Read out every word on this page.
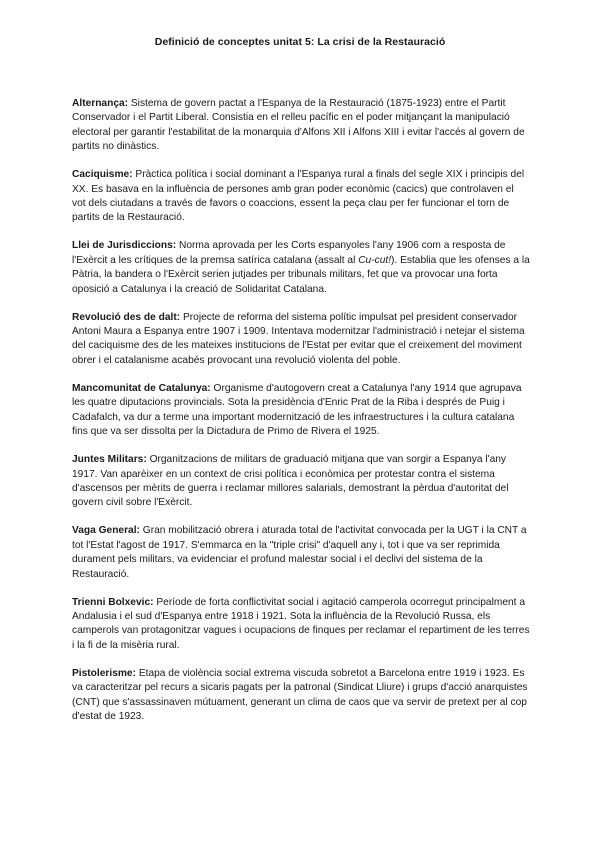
Definició de conceptes unitat 5: La crisi de la Restauració

Alternança: Sistema de govern pactat a l'Espanya de la Restauració (1875-1923) entre el Partit Conservador i el Partit Liberal. Consistia en el relleu pacífic en el poder mitjançant la manipulació electoral per garantir l'estabilitat de la monarquia d'Alfons XII i Alfons XIII i evitar l'accés al govern de partits no dinàstics.

Caciquisme: Pràctica política i social dominant a l'Espanya rural a finals del segle XIX i principis del XX. Es basava en la influència de persones amb gran poder econòmic (cacics) que controlaven el vot dels ciutadans a través de favors o coaccions, essent la peça clau per fer funcionar el torn de partits de la Restauració.

Llei de Jurisdiccions: Norma aprovada per les Corts espanyoles l'any 1906 com a resposta de l'Exèrcit a les crítiques de la premsa satírica catalana (assalt al Cu-cut!). Establia que les ofenses a la Pàtria, la bandera o l'Exèrcit serien jutjades per tribunals militars, fet que va provocar una forta oposició a Catalunya i la creació de Solidaritat Catalana.

Revolució des de dalt: Projecte de reforma del sistema polític impulsat pel president conservador Antoni Maura a Espanya entre 1907 i 1909. Intentava modernitzar l'administració i netejar el sistema del caciquisme des de les mateixes institucions de l'Estat per evitar que el creixement del moviment obrer i el catalanisme acabés provocant una revolució violenta del poble.

Mancomunitat de Catalunya: Organisme d'autogovern creat a Catalunya l'any 1914 que agrupava les quatre diputacions provincials. Sota la presidència d'Enric Prat de la Riba i després de Puig i Cadafalch, va dur a terme una important modernització de les infraestructures i la cultura catalana fins que va ser dissolta per la Dictadura de Primo de Rivera el 1925.

Juntes Militars: Organitzacions de militars de graduació mitjana que van sorgir a Espanya l'any 1917. Van aparèixer en un context de crisi política i econòmica per protestar contra el sistema d'ascensos per mèrits de guerra i reclamar millores salarials, demostrant la pèrdua d'autoritat del govern civil sobre l'Exèrcit.

Vaga General: Gran mobilització obrera i aturada total de l'activitat convocada per la UGT i la CNT a tot l'Estat l'agost de 1917. S'emmarca en la "triple crisi" d'aquell any i, tot i que va ser reprimida durament pels militars, va evidenciar el profund malestar social i el declivi del sistema de la Restauració.

Trienni Bolxevic: Període de forta conflictivitat social i agitació camperola ocorregut principalment a Andalusia i el sud d'Espanya entre 1918 i 1921. Sota la influència de la Revolució Russa, els camperols van protagonitzar vagues i ocupacions de finques per reclamar el repartiment de les terres i la fi de la misèria rural.

Pistolerisme: Etapa de violència social extrema viscuda sobretot a Barcelona entre 1919 i 1923. Es va caracteritzar pel recurs a sicaris pagats per la patronal (Sindicat Lliure) i grups d'acció anarquistes (CNT) que s'assassinaven mútuament, generant un clima de caos que va servir de pretext per al cop d'estat de 1923.
